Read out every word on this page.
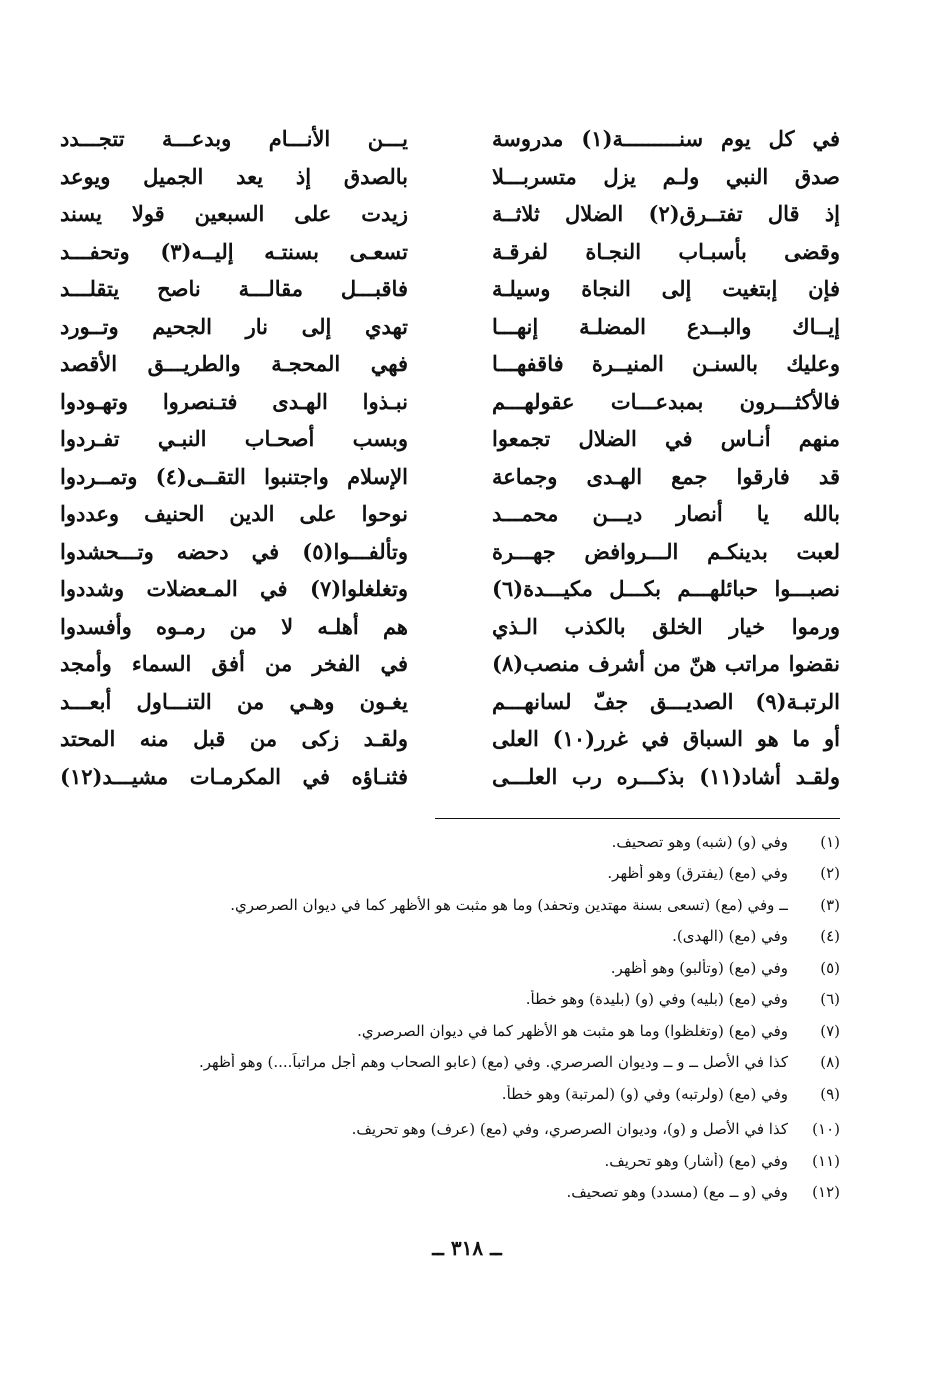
في كل يوم سنـــــــــة(١) مدروسة
يـــن الأنـــام وبدعـــة تتجـــدد
صدق النبي ولـم يزل متسربـــلا
بالصدق إذ يعد الجميل ويوعد
إذ قال تفتــرق(٢) الضلال ثلاثــة
زيدت على السبعين قولا يسند
وقضى بأسبـاب النجـاة لفرقـة
تسعـى بسنتـه إليــه(٣) وتحفـــد
فإن إبتغيت إلى النجاة وسيلـة
فاقبـــل مقالـــة ناصح يتقلـــد
إيــاك والبــدع المضلـة إنهـــا
تهدي إلى نار الجحيم وتــورد
وعليك بالسنـن المنيــرة فاقفهـــا
فهي المحجـة والطريـــق الأقصد
فالأكثـــرون بمبدعـــات عقولهـــم
نبـذوا الهـدى فتـنصروا وتهـودوا
منهم أنـاس في الضلال تجمعوا
وبسب أصحـاب النبـي تفـردوا
قد فارقوا جمع الهـدى وجماعة
الإسلام واجتنبوا التقــى(٤) وتمــردوا
بالله يا أنصار ديـــن محمـــد
نوحوا على الدين الحنيف وعددوا
لعبت بدينكـم الـــروافض جهـــرة
وتألفـــوا(٥) في دحضه وتـــحشدوا
نصبـــوا حبائلهـــم بكـــل مكيـــدة(٦)
وتغلغلوا(٧) في المـعضلات وشددوا
ورموا خيار الخلق بالكذب الـذي
هم أهلـه لا من رمـوه وأفسدوا
نقضوا مراتب هنّ من أشرف منصب(٨)
في الفخر من أفق السماء وأمجد
الرتبـة(٩) الصديـــق جفّ لسانهـــم
يغـون وهـي من التنـــاول أبعـــد
أو ما هو السباق في غرر(١٠) العلى
ولقـد زكى من قبل منه المحتد
ولقـد أشاد(١١) بذكـــره رب العلـــى
فثنـاؤه في المكرمـات مشيـــد(١٢)
(١)
وفي (و) (شبه) وهو تصحيف.
(٢)
وفي (مع) (يفترق) وهو أظهر.
(٣)
ــ وفي (مع) (تسعى بسنة مهتدين وتحفد) وما هو مثبت هو الأظهر كما في ديوان الصرصري.
(٤)
وفي (مع) (الهدى).
(٥)
وفي (مع) (وتألبو) وهو أظهر.
(٦)
وفي (مع) (بليه) وفي (و) (بليدة) وهو خطأ.
(٧)
وفي (مع) (وتغلظوا) وما هو مثبت هو الأظهر كما في ديوان الصرصري.
(٨)
كذا في الأصل ــ و ــ وديوان الصرصري. وفي (مع) (عابو الصحاب وهم أجل مراتباً....) وهو أظهر.
(٩)
وفي (مع) (ولرتبه) وفي (و) (لمرتبة) وهو خطأ.
(١٠)
كذا في الأصل و (و)، وديوان الصرصري، وفي (مع) (عرف) وهو تحريف.
(١١)
وفي (مع) (أشار) وهو تحريف.
(١٢)
وفي (و ــ مع) (مسدد) وهو تصحيف.
ــ ٣١٨ ــ
